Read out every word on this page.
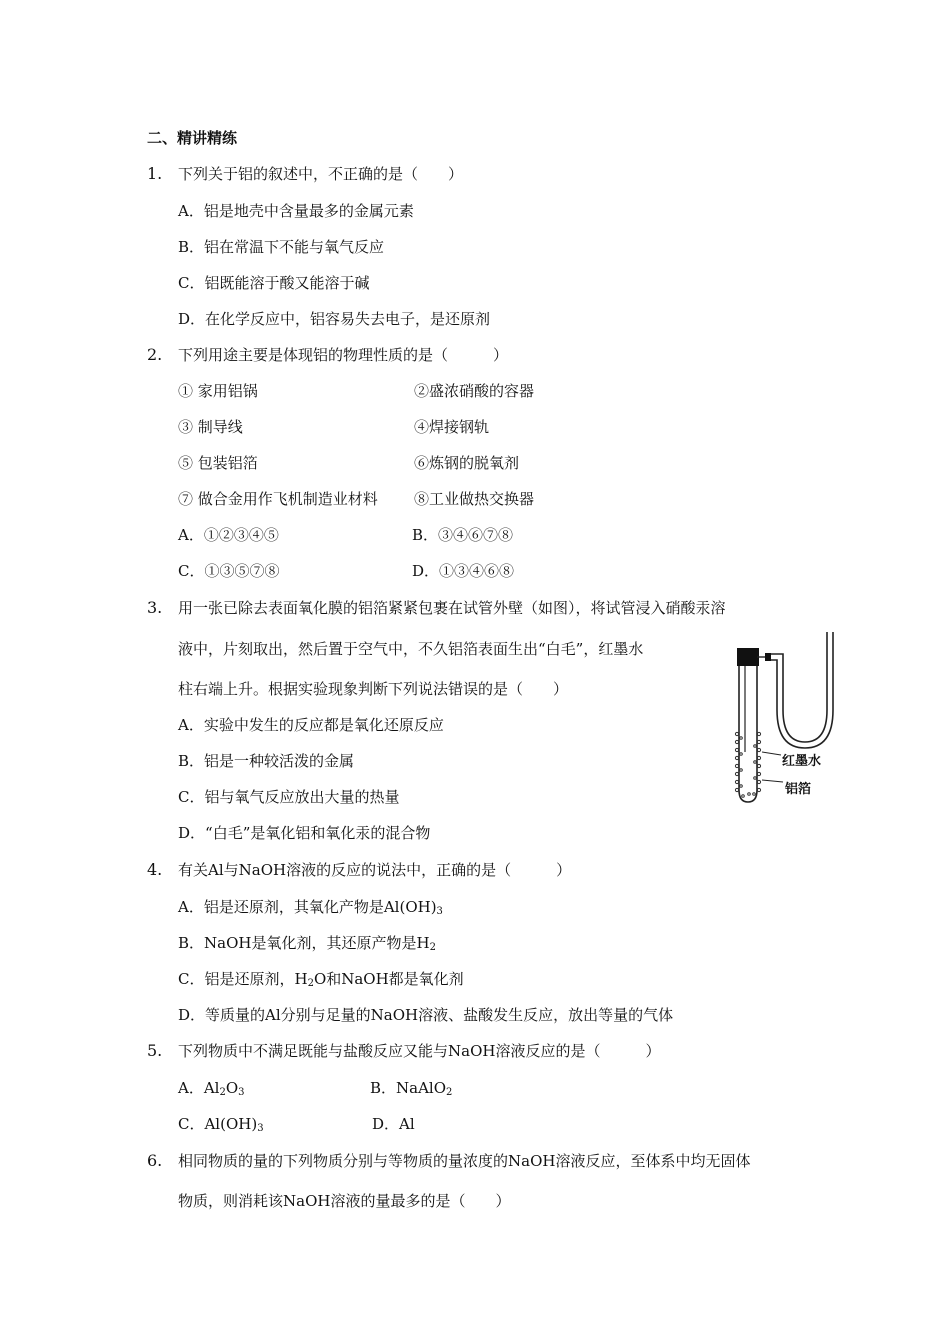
二、精讲精练
1. 下列关于铝的叙述中，不正确的是（　　）
A．铝是地壳中含量最多的金属元素
B．铝在常温下不能与氧气反应
C．铝既能溶于酸又能溶于碱
D．在化学反应中，铝容易失去电子，是还原剂
2. 下列用途主要是体现铝的物理性质的是（　　　）
① 家用铝锅	②盛浓硝酸的容器
③ 制导线	④焊接钢轨
⑤ 包装铝箔	⑥炼钢的脱氧剂
⑦ 做合金用作飞机制造业材料 ⑧工业做热交换器
A．①②③④⑤	B．③④⑥⑦⑧
C．①③⑤⑦⑧	D．①③④⑥⑧
3. 用一张已除去表面氧化膜的铝箔紧紧包裹在试管外壁（如图），将试管浸入硝酸汞溶
液中，片刻取出，然后置于空气中，不久铝箔表面生出“白毛”，红墨水
柱右端上升。根据实验现象判断下列说法错误的是（　　）
A．实验中发生的反应都是氧化还原反应
B．铝是一种较活泼的金属
C．铝与氧气反应放出大量的热量
D．“白毛”是氧化铝和氧化汞的混合物
红墨水
铝箔
4. 有关Al与NaOH溶液的反应的说法中，正确的是（　　　）
A．铝是还原剂，其氧化产物是$Al(OH)_3$
B．NaOH是氧化剂，其还原产物是$H_2$
C．铝是还原剂，$H_2O$和NaOH都是氧化剂
D．等质量的Al分别与足量的NaOH溶液、盐酸发生反应，放出等量的气体
5. 下列物质中不满足既能与盐酸反应又能与NaOH溶液反应的是（　　　）
A．$Al_2O_3$	B．NaAlO$_2$
C．$Al(OH)_3$	D．Al
6. 相同物质的量的下列物质分别与等物质的量浓度的NaOH溶液反应，至体系中均无固体
物质，则消耗该NaOH溶液的量最多的是（　　）
